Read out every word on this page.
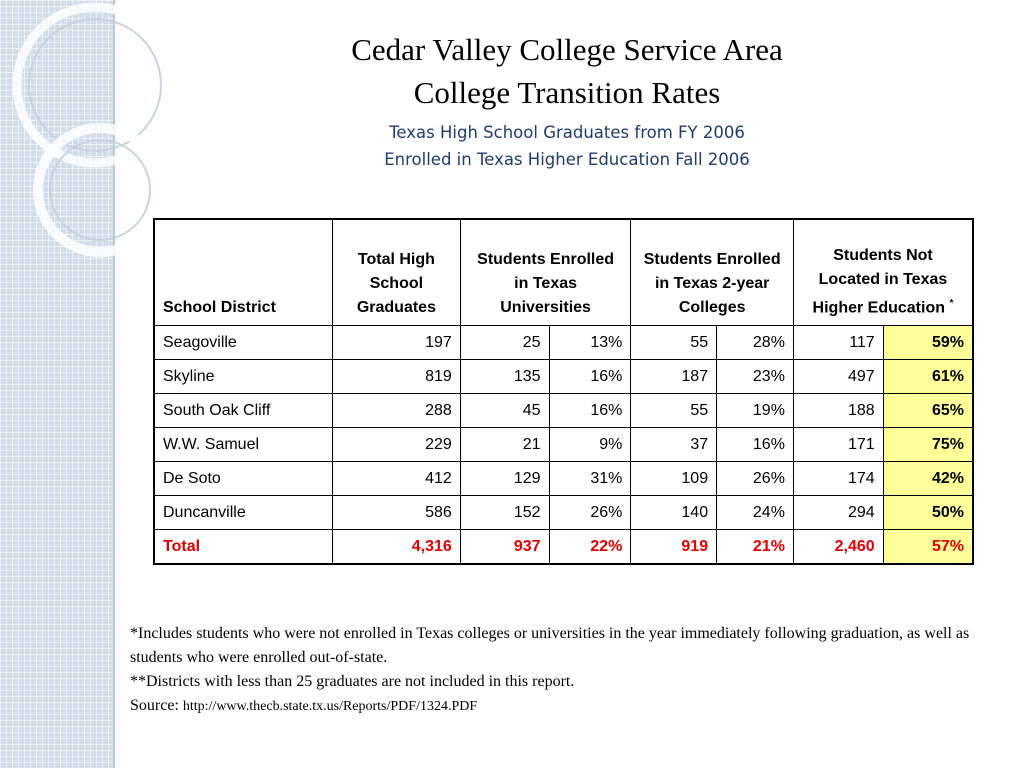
Cedar Valley College Service Area
College Transition Rates
Texas High School Graduates from FY 2006
Enrolled in Texas Higher Education Fall 2006
School District	Total High School Graduates	Students Enrolled in Texas Universities		Students Enrolled in Texas 2-year Colleges		Students Not Located in Texas Higher Education *
Seagoville	197	25	13%	55	28%	117	59%
Skyline	819	135	16%	187	23%	497	61%
South Oak Cliff	288	45	16%	55	19%	188	65%
W.W. Samuel	229	21	9%	37	16%	171	75%
De Soto	412	129	31%	109	26%	174	42%
Duncanville	586	152	26%	140	24%	294	50%
Total	4,316	937	22%	919	21%	2,460	57%

*Includes students who were not enrolled in Texas colleges or universities in the year immediately following graduation, as well as students who were enrolled out-of-state.

**Districts with less than 25 graduates are not included in this report.

Source: http://www.thecb.state.tx.us/Reports/PDF/1324.PDF
